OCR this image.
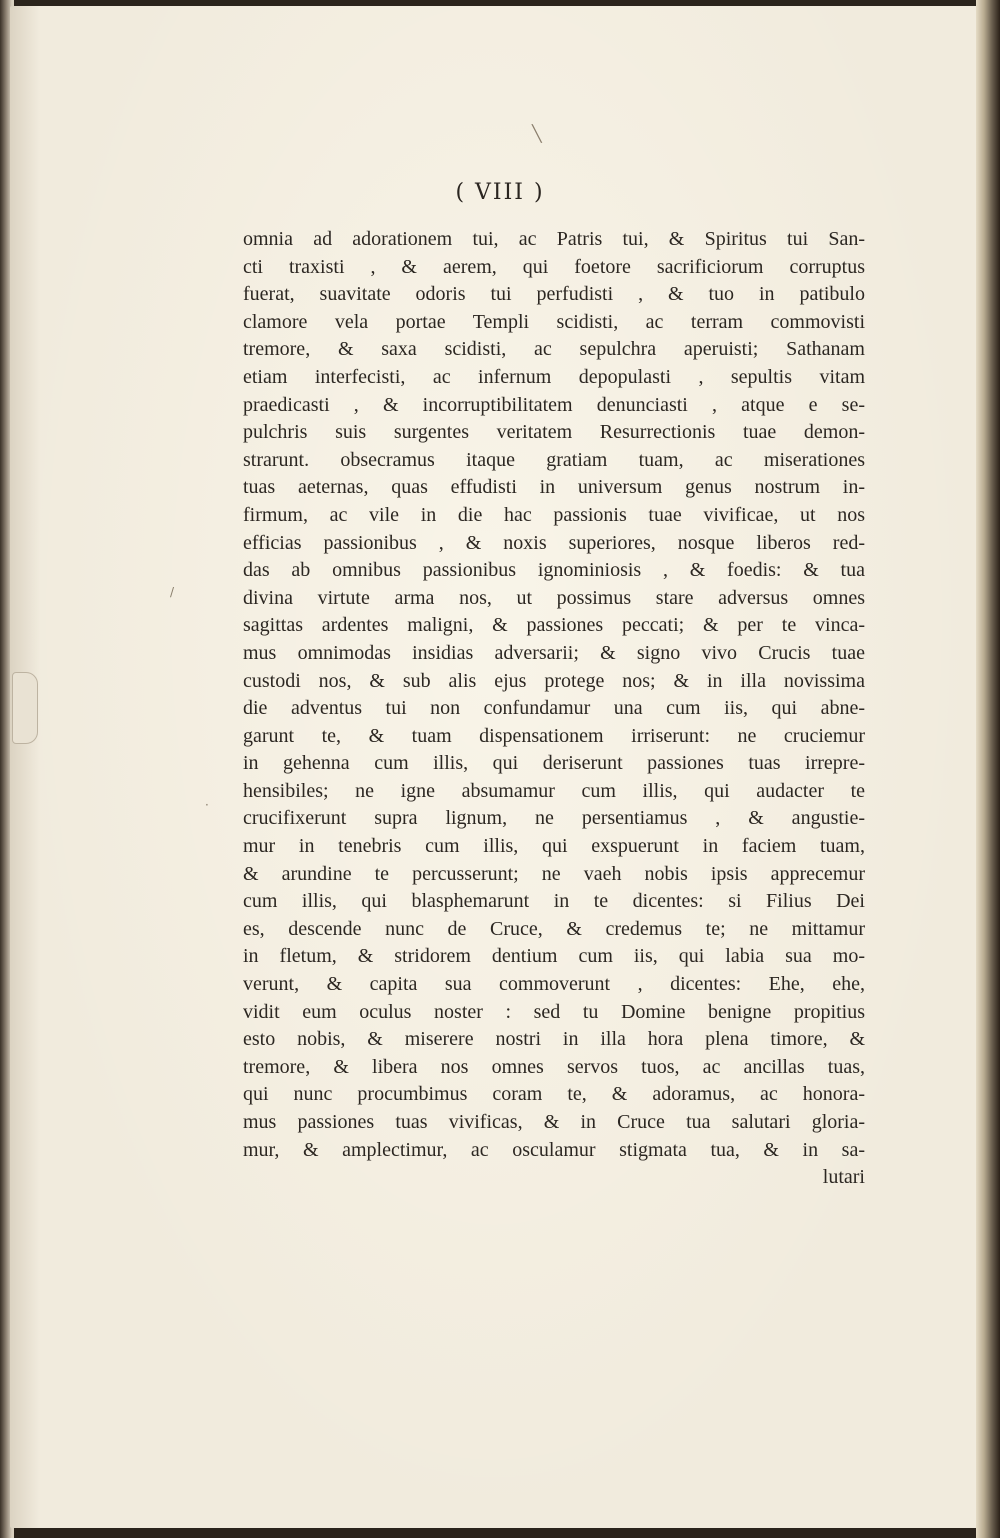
╲
/
·
( VIII )
omnia ad adorationem tui, ac Patris tui, & Spiritus tui San-
cti traxisti , & aerem, qui foetore sacrificiorum corruptus
fuerat, suavitate odoris tui perfudisti , & tuo in patibulo
clamore vela portae Templi scidisti, ac terram commovisti
tremore, & saxa scidisti, ac sepulchra aperuisti; Sathanam
etiam interfecisti, ac infernum depopulasti , sepultis vitam
praedicasti , & incorruptibilitatem denunciasti , atque e se-
pulchris suis surgentes veritatem Resurrectionis tuae demon-
strarunt. obsecramus itaque gratiam tuam, ac miserationes
tuas aeternas, quas effudisti in universum genus nostrum in-
firmum, ac vile in die hac passionis tuae vivificae, ut nos
efficias passionibus , & noxis superiores, nosque liberos red-
das ab omnibus passionibus ignominiosis , & foedis: & tua
divina virtute arma nos, ut possimus stare adversus omnes
sagittas ardentes maligni, & passiones peccati; & per te vinca-
mus omnimodas insidias adversarii; & signo vivo Crucis tuae
custodi nos, & sub alis ejus protege nos; & in illa novissima
die adventus tui non confundamur una cum iis, qui abne-
garunt te, & tuam dispensationem irriserunt: ne cruciemur
in gehenna cum illis, qui deriserunt passiones tuas irrepre-
hensibiles; ne igne absumamur cum illis, qui audacter te
crucifixerunt supra lignum, ne persentiamus , & angustie-
mur in tenebris cum illis, qui exspuerunt in faciem tuam,
& arundine te percusserunt; ne vaeh nobis ipsis apprecemur
cum illis, qui blasphemarunt in te dicentes: si Filius Dei
es, descende nunc de Cruce, & credemus te; ne mittamur
in fletum, & stridorem dentium cum iis, qui labia sua mo-
verunt, & capita sua commoverunt , dicentes: Ehe, ehe,
vidit eum oculus noster : sed tu Domine benigne propitius
esto nobis, & miserere nostri in illa hora plena timore, &
tremore, & libera nos omnes servos tuos, ac ancillas tuas,
qui nunc procumbimus coram te, & adoramus, ac honora-
mus passiones tuas vivificas, & in Cruce tua salutari gloria-
mur, & amplectimur, ac osculamur stigmata tua, & in sa-
lutari
